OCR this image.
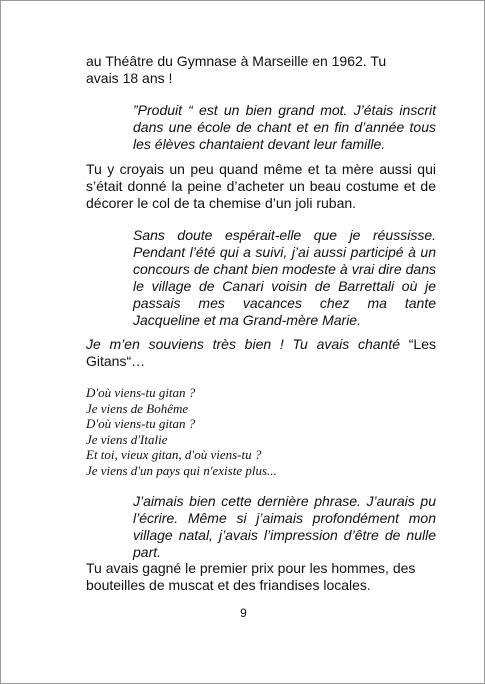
au Théâtre du Gymnase à Marseille en 1962. Tu avais 18 ans !

”Produit “ est un bien grand mot. J’étais inscrit dans une école de chant et en fin d’année tous les élèves chantaient devant leur famille.

Tu y croyais un peu quand même et ta mère aussi qui s’était donné la peine d’acheter un beau costume et de décorer le col de ta chemise d’un joli ruban.

Sans doute espérait-elle que je réussisse. Pendant l’été qui a suivi, j’ai aussi participé à un concours de chant bien modeste à vrai dire dans le village de Canari voisin de Barrettali où je passais mes vacances chez ma tante Jacqueline et ma Grand-mère Marie.

Je m’en souviens très bien ! Tu avais chanté “Les Gitans“…

D'où viens-tu gitan ?
Je viens de Bohême
D'où viens-tu gitan ?
Je viens d'Italie
Et toi, vieux gitan, d'où viens-tu ?
Je viens d'un pays qui n'existe plus...

J’aimais bien cette dernière phrase. J’aurais pu l’écrire. Même si j’aimais profondément mon village natal, j’avais l’impression d’être de nulle part.

Tu avais gagné le premier prix pour les hommes, des bouteilles de muscat et des friandises locales.

9
